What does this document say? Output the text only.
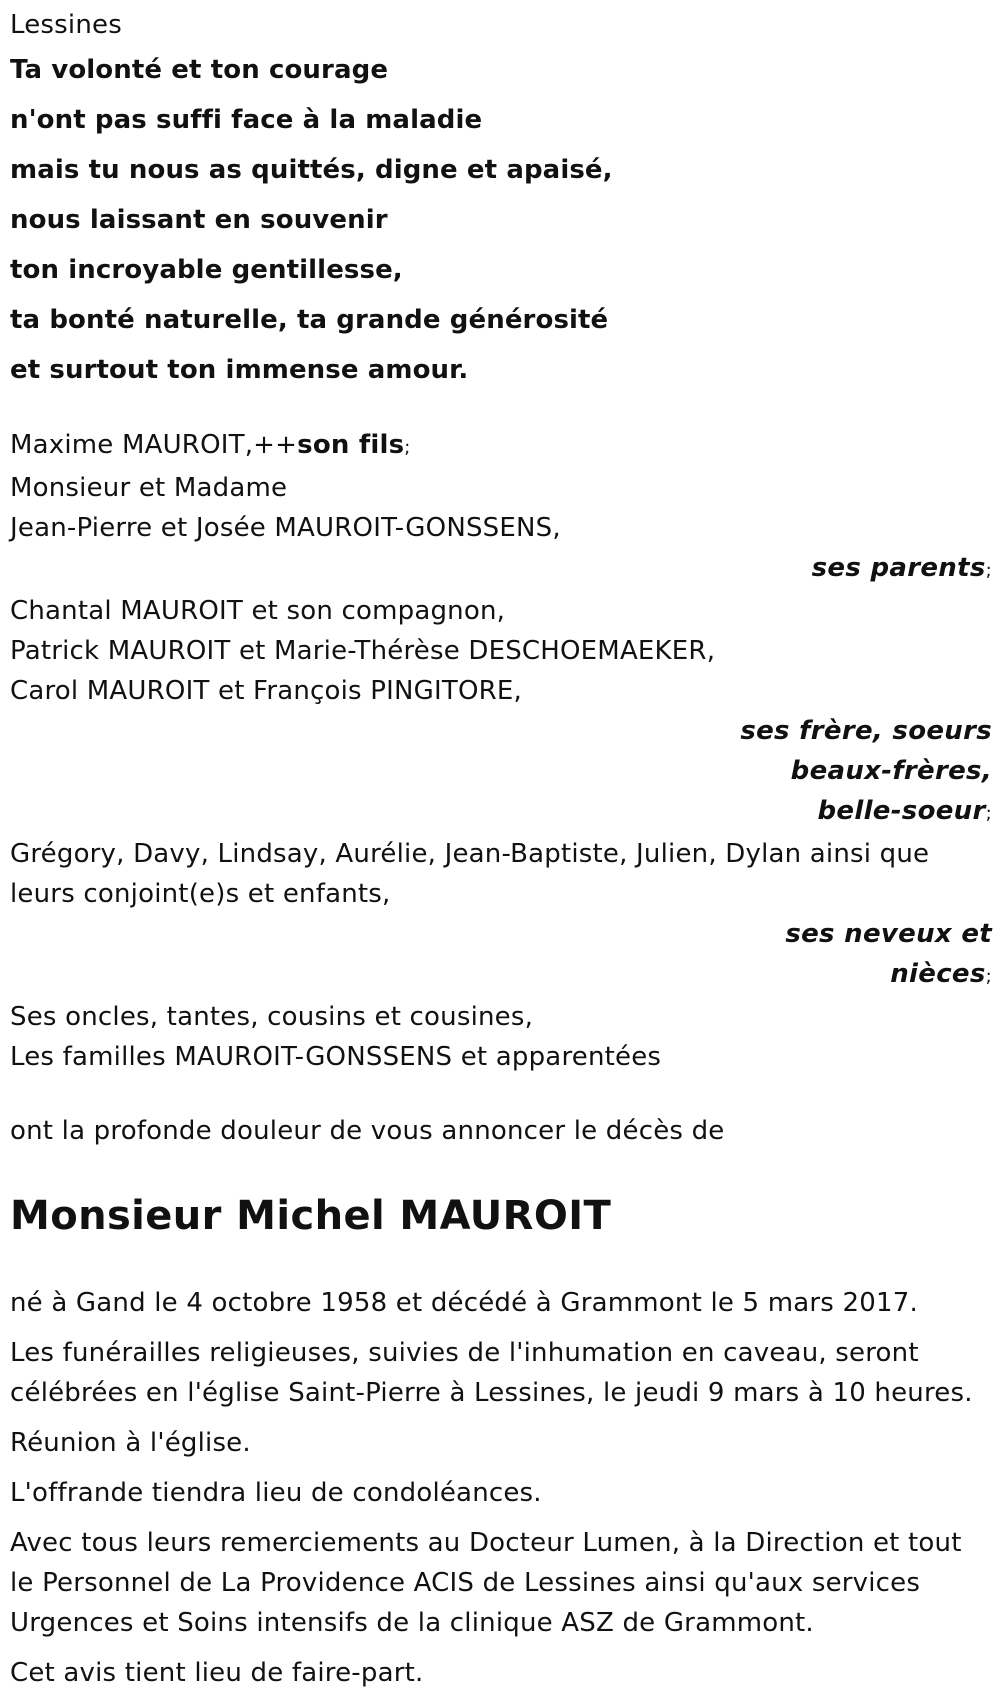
Lessines
Ta volonté et ton courage
n'ont pas suffi face à la maladie
mais tu nous as quittés, digne et apaisé,
nous laissant en souvenir
ton incroyable gentillesse,
ta bonté naturelle, ta grande générosité
et surtout ton immense amour.
Maxime MAUROIT,++son fils;
Monsieur et Madame
Jean-Pierre et Josée MAUROIT-GONSSENS,
ses parents;
Chantal MAUROIT et son compagnon,
Patrick MAUROIT et Marie-Thérèse DESCHOEMAEKER,
Carol MAUROIT et François PINGITORE,
ses frère, soeurs
beaux-frères,
belle-soeur;
Grégory, Davy, Lindsay, Aurélie, Jean-Baptiste, Julien, Dylan ainsi que leurs conjoint(e)s et enfants,
ses neveux et
nièces;
Ses oncles, tantes, cousins et cousines,
Les familles MAUROIT-GONSSENS et apparentées
ont la profonde douleur de vous annoncer le décès de
Monsieur Michel MAUROIT

né à Gand le 4 octobre 1958 et décédé à Grammont le 5 mars 2017.

Les funérailles religieuses, suivies de l'inhumation en caveau, seront célébrées en l'église Saint-Pierre à Lessines, le jeudi 9 mars à 10 heures.

Réunion à l'église.

L'offrande tiendra lieu de condoléances.

Avec tous leurs remerciements au Docteur Lumen, à la Direction et tout le Personnel de La Providence ACIS de Lessines ainsi qu'aux services Urgences et Soins intensifs de la clinique ASZ de Grammont.

Cet avis tient lieu de faire-part.
